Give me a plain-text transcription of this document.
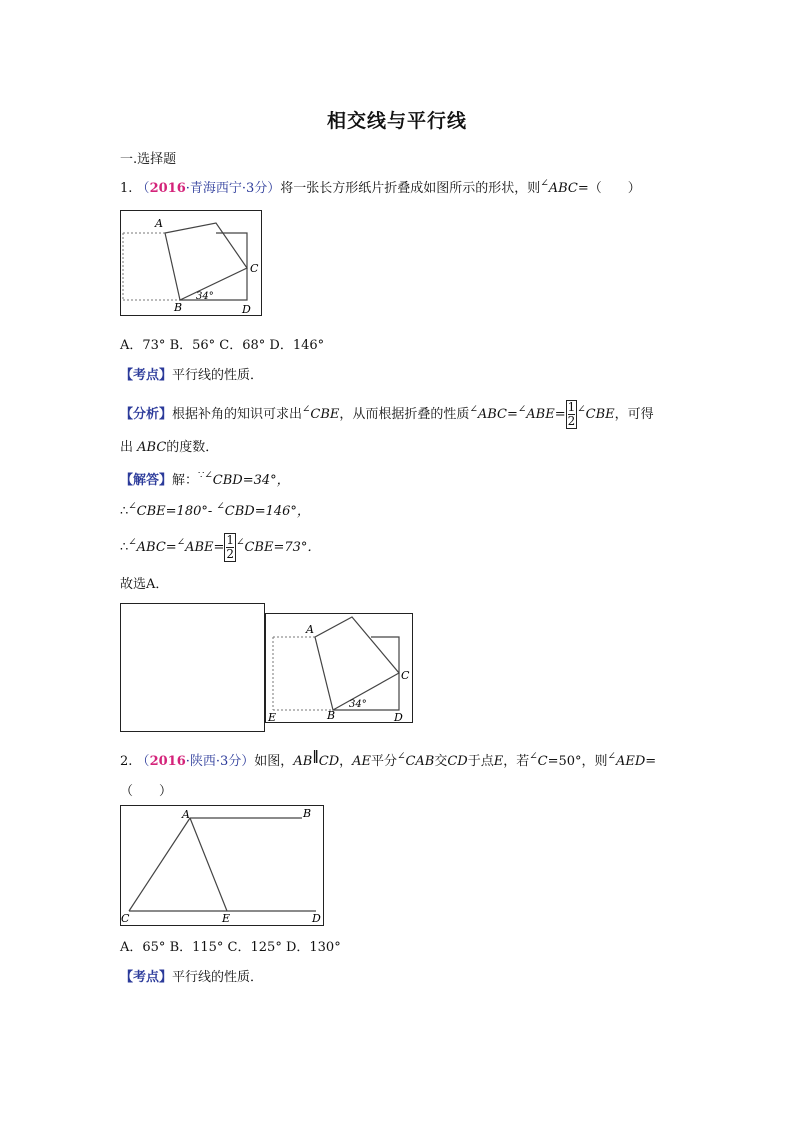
相交线与平行线
一.选择题
1. （2016·青海西宁·3分）将一张长方形纸片折叠成如图所示的形状，则∠ABC=（　　）
A
B
C
D
34°
A．73° B．56° C．68° D．146°
【考点】平行线的性质．
【分析】根据补角的知识可求出∠CBE，从而根据折叠的性质$^\angle ABC=^\angle ABE= \frac{1}{2} ^\angle CBE$，可得
出 ABC的度数．
【解答】解：∵∠CBD=34°，
∴∠CBE=180°- ∠CBD=146°，
∴∠ABC=∠ABE= $\frac{1}{2} ^\angle CBE=73^\circ$．
故选A．
A
B
C
D
E
34°
2. （2016·陕西·3分）如图，AB‖CD，AE平分∠CAB交CD于点E，若∠C=50°，则∠AED=
（　　）
A	B
C	E	D
A．65° B．115° C．125° D．130°
【考点】平行线的性质．
